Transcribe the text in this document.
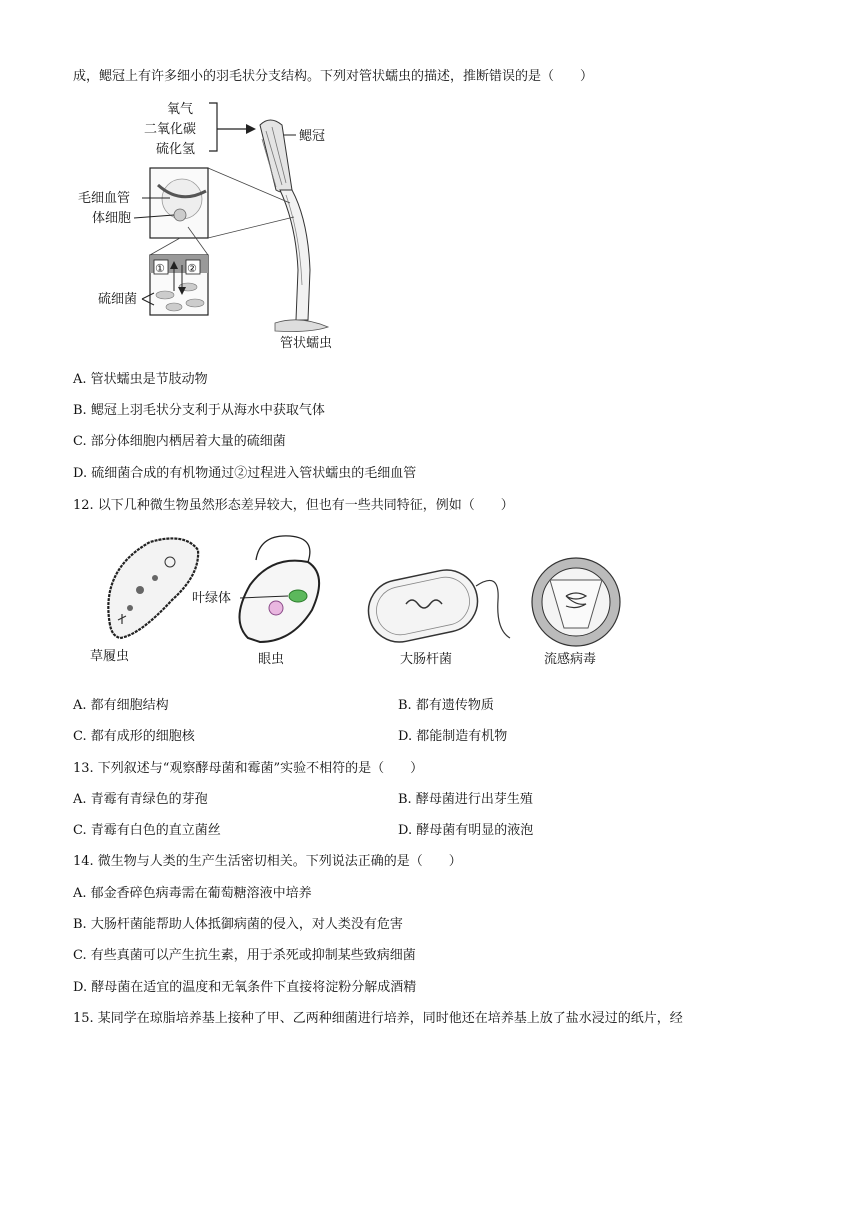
成，鳃冠上有许多细小的羽毛状分支结构。下列对管状蠕虫的描述，推断错误的是（　　）
氧气
二氧化碳
硫化氢
鳃冠
管状蠕虫
毛细血管
体细胞
① ②
硫细菌
A. 管状蠕虫是节肢动物
B. 鳃冠上羽毛状分支利于从海水中获取气体
C. 部分体细胞内栖居着大量的硫细菌
D. 硫细菌合成的有机物通过②过程进入管状蠕虫的毛细血管
12. 以下几种微生物虽然形态差异较大，但也有一些共同特征，例如（　　）
草履虫
叶绿体
眼虫	大肠杆菌	流感病毒
A. 都有细胞结构	B. 都有遗传物质
C. 都有成形的细胞核	D. 都能制造有机物
13. 下列叙述与“观察酵母菌和霉菌”实验不相符的是（　　）
A. 青霉有青绿色的芽孢	B. 酵母菌进行出芽生殖
C. 青霉有白色的直立菌丝	D. 酵母菌有明显的液泡
14. 微生物与人类的生产生活密切相关。下列说法正确的是（　　）
A. 郁金香碎色病毒需在葡萄糖溶液中培养
B. 大肠杆菌能帮助人体抵御病菌的侵入，对人类没有危害
C. 有些真菌可以产生抗生素，用于杀死或抑制某些致病细菌
D. 酵母菌在适宜的温度和无氧条件下直接将淀粉分解成酒精
15. 某同学在琼脂培养基上接种了甲、乙两种细菌进行培养，同时他还在培养基上放了盐水浸过的纸片，经
